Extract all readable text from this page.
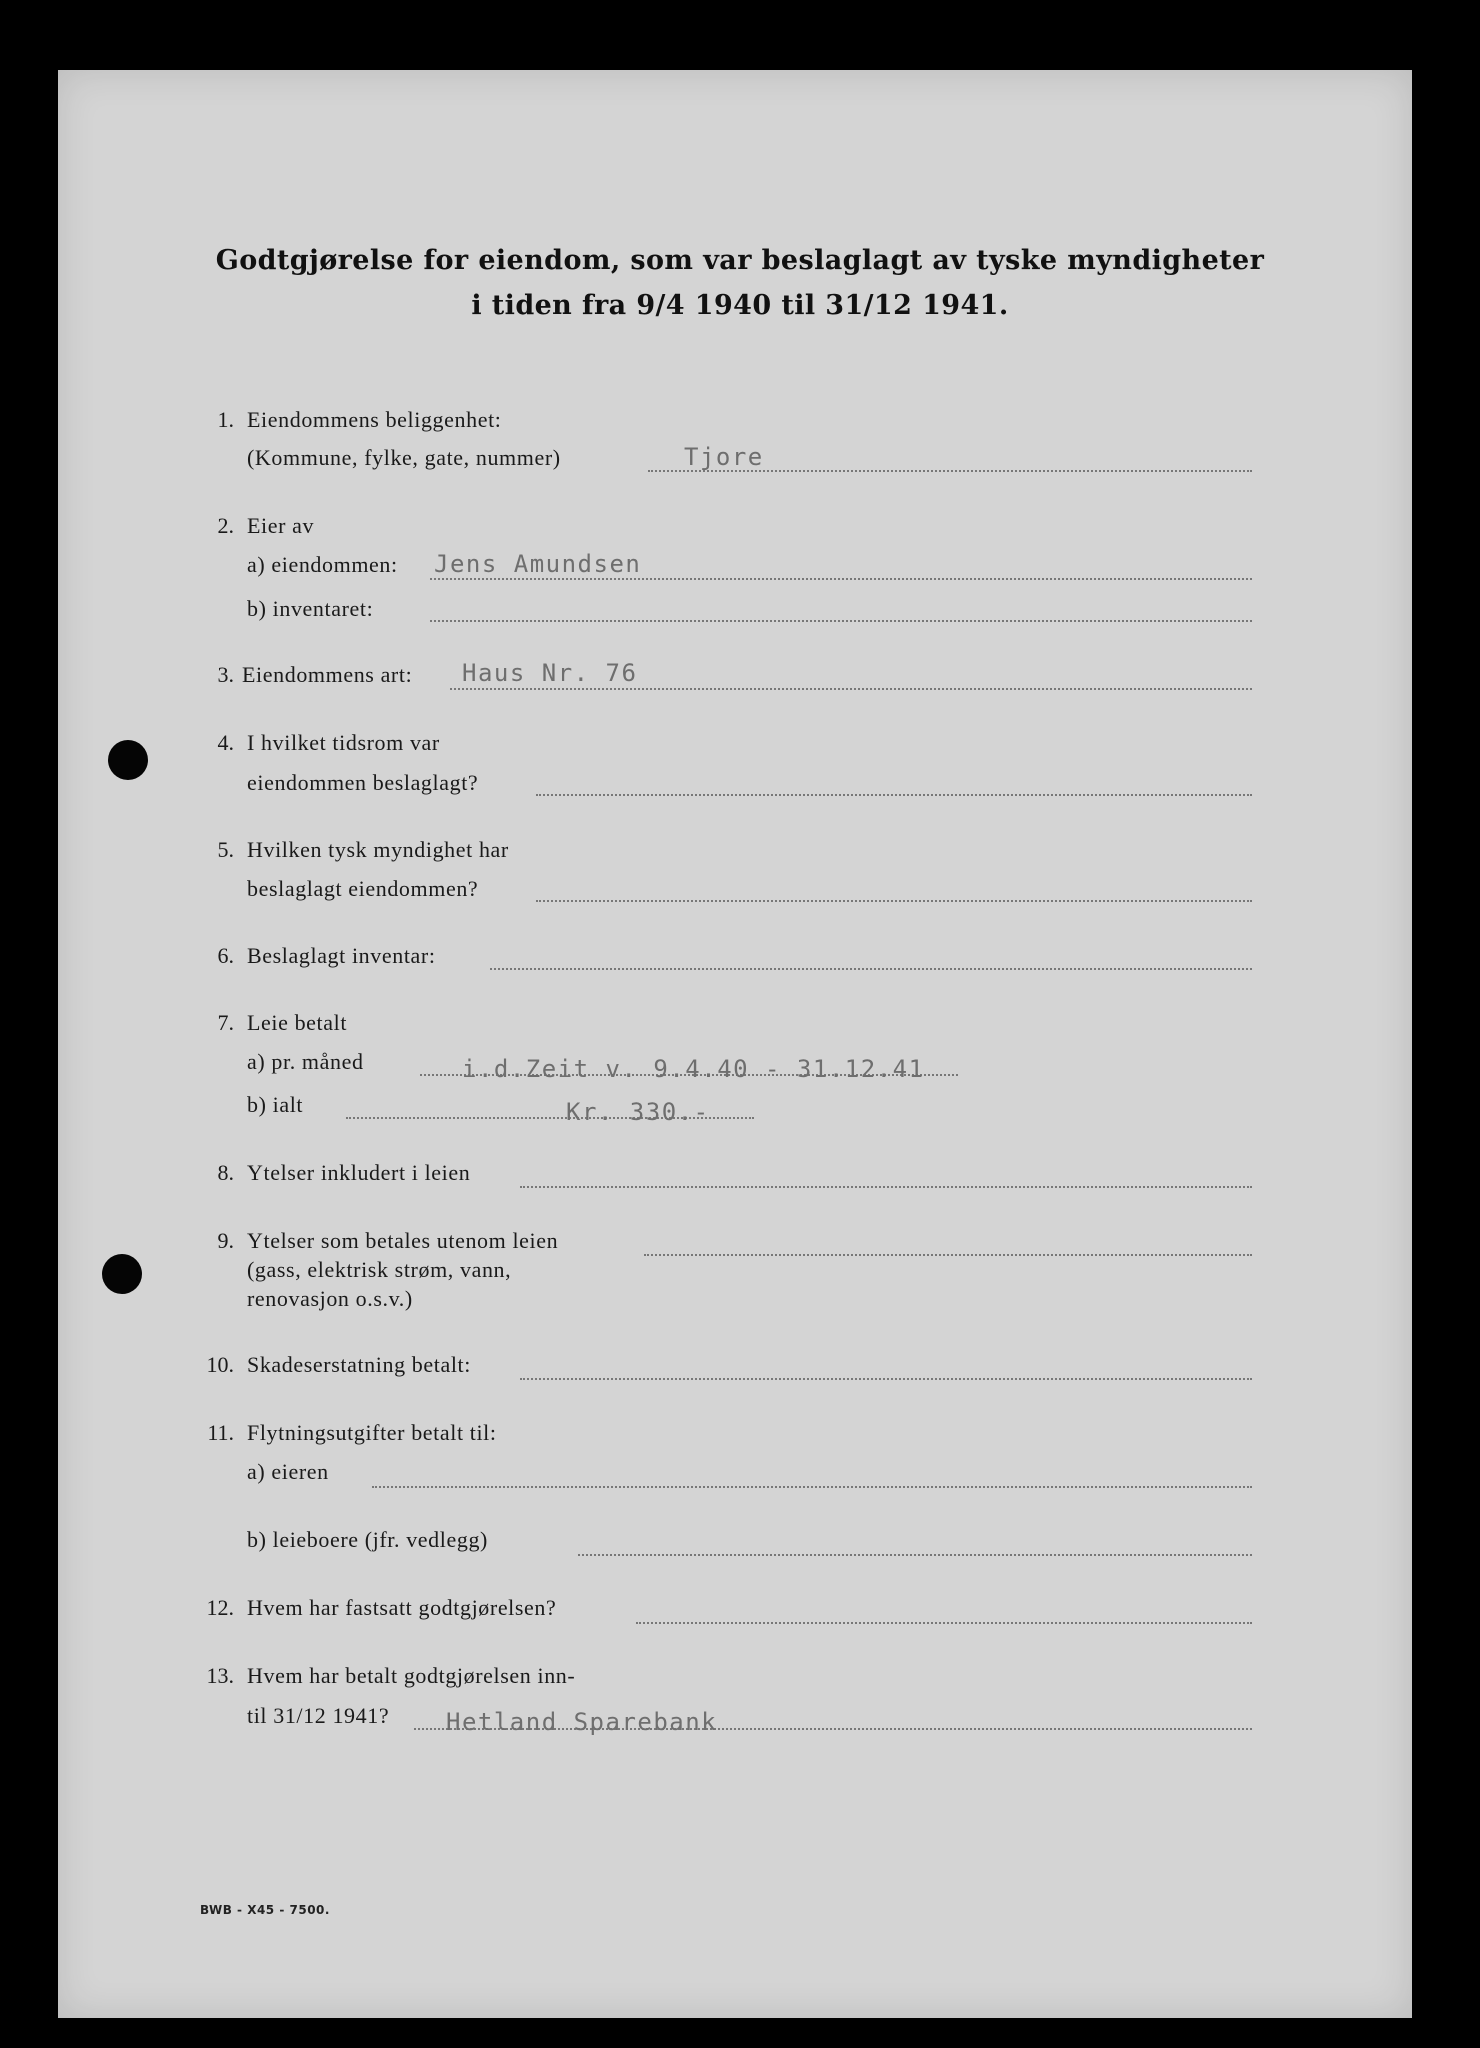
Godtgjørelse for eiendom, som var beslaglagt av tyske myndigheter
i tiden fra 9/4 1940 til 31/12 1941.
1. Eiendommens beliggenhet:
(Kommune, fylke, gate, nummer)	Tjore
2. Eier av
a) eiendommen: Jens Amundsen
b) inventaret:
3. Eiendommens art: Haus Nr. 76
4. I hvilket tidsrom var
eiendommen beslaglagt?
5. Hvilken tysk myndighet har
beslaglagt eiendommen?
6. Beslaglagt inventar:
7. Leie betalt
a) pr. måned	i.d.Zeit v. 9.4.40 - 31.12.41
b) ialt	Kr. 330.-
8. Ytelser inkludert i leien
9. Ytelser som betales utenom leien
(gass, elektrisk strøm, vann,
renovasjon o.s.v.)
10. Skadeserstatning betalt:
11. Flytningsutgifter betalt til:
a) eieren
b) leieboere (jfr. vedlegg)
12. Hvem har fastsatt godtgjørelsen?
13. Hvem har betalt godtgjørelsen inn-
til 31/12 1941? Hetland Sparebank
BWB - X45 - 7500.
